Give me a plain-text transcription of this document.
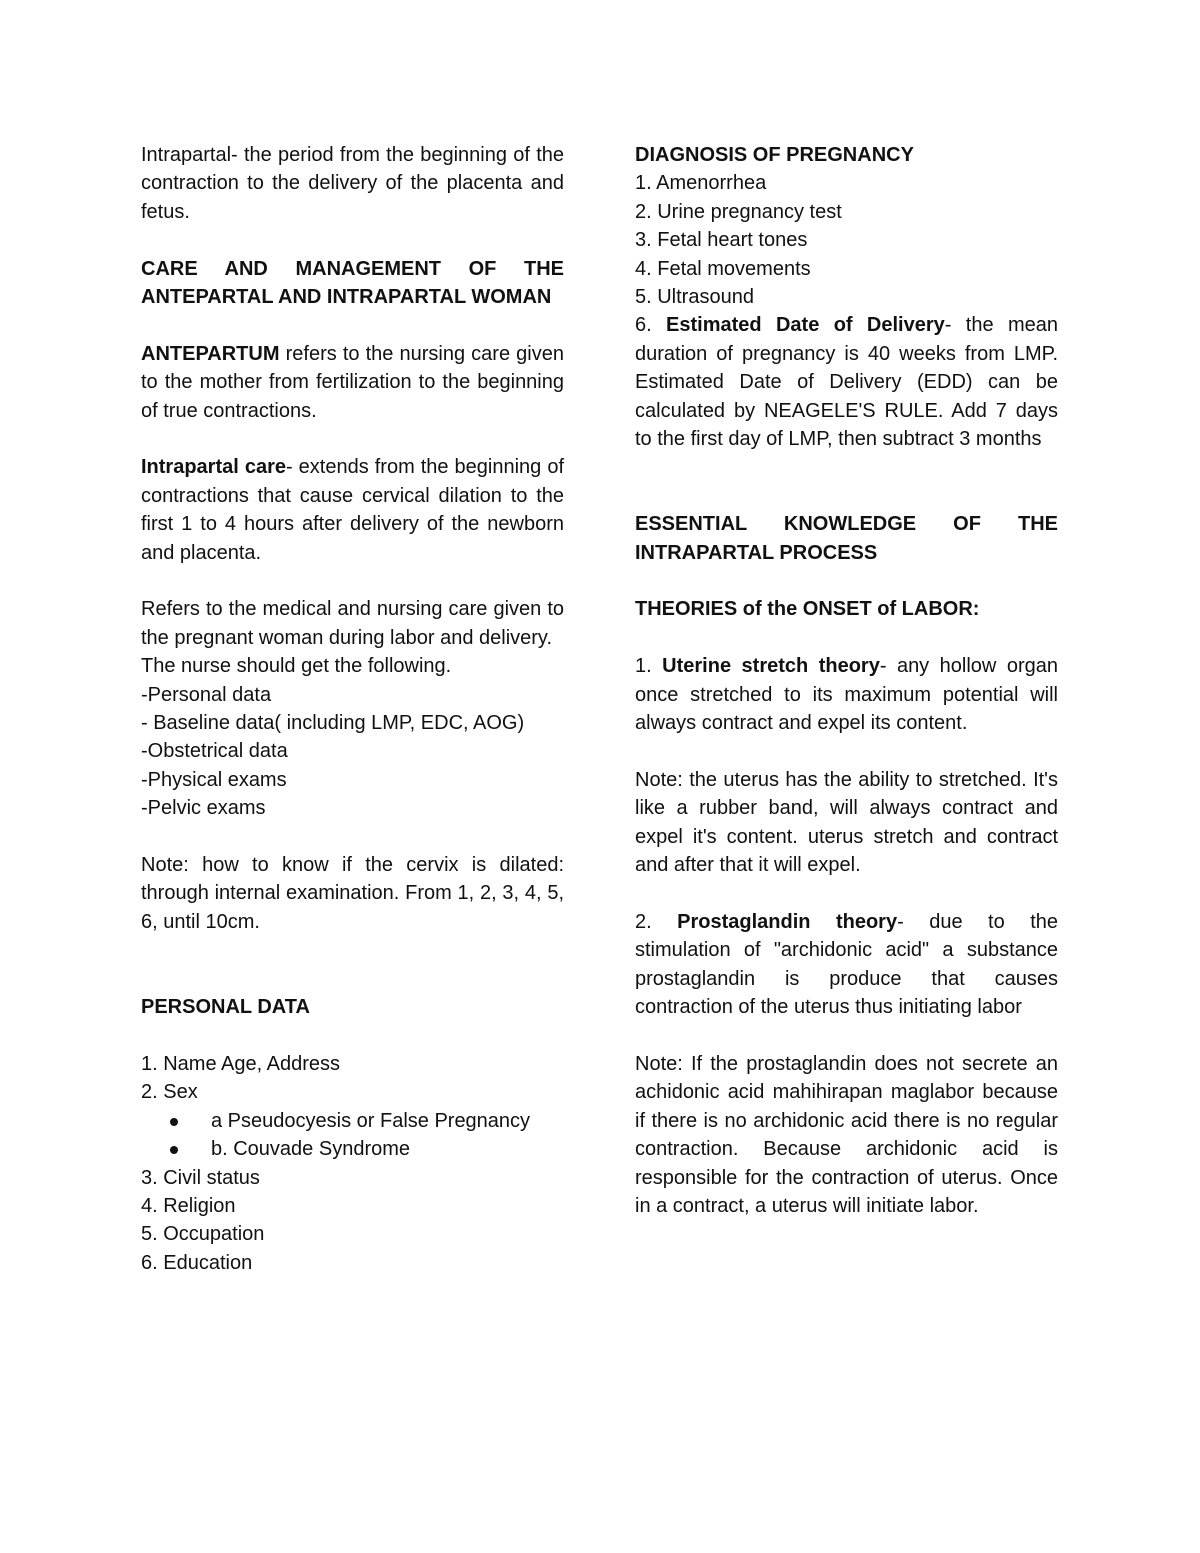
Intrapartal- the period from the beginning of the contraction to the delivery of the placenta and fetus.

CARE AND MANAGEMENT OF THE ANTEPARTAL AND INTRAPARTAL WOMAN

ANTEPARTUM refers to the nursing care given to the mother from fertilization to the beginning of true contractions.

Intrapartal care- extends from the beginning of contractions that cause cervical dilation to the first 1 to 4 hours after delivery of the newborn and placenta.

Refers to the medical and nursing care given to the pregnant woman during labor and delivery.

The nurse should get the following.

-Personal data

- Baseline data( including LMP, EDC, AOG)

-Obstetrical data

-Physical exams

-Pelvic exams

Note: how to know if the cervix is dilated: through internal examination. From 1, 2, 3, 4, 5, 6, until 10cm.

PERSONAL DATA

1. Name Age, Address

2. Sex

a Pseudocyesis or False Pregnancy
b. Couvade Syndrome

3. Civil status

4. Religion

5. Occupation

6. Education

DIAGNOSIS OF PREGNANCY

1. Amenorrhea

2. Urine pregnancy test

3. Fetal heart tones

4. Fetal movements

5. Ultrasound

6. Estimated Date of Delivery- the mean duration of pregnancy is 40 weeks from LMP. Estimated Date of Delivery (EDD) can be calculated by NEAGELE'S RULE. Add 7 days to the first day of LMP, then subtract 3 months

ESSENTIAL KNOWLEDGE OF THE INTRAPARTAL PROCESS

THEORIES of the ONSET of LABOR:

1. Uterine stretch theory- any hollow organ once stretched to its maximum potential will always contract and expel its content.

Note: the uterus has the ability to stretched. It's like a rubber band, will always contract and expel it's content. uterus stretch and contract and after that it will expel.

2. Prostaglandin theory- due to the stimulation of "archidonic acid" a substance prostaglandin is produce that causes contraction of the uterus thus initiating labor

Note: If the prostaglandin does not secrete an achidonic acid mahihirapan maglabor because if there is no archidonic acid there is no regular contraction. Because archidonic acid is responsible for the contraction of uterus. Once in a contract, a uterus will initiate labor.
